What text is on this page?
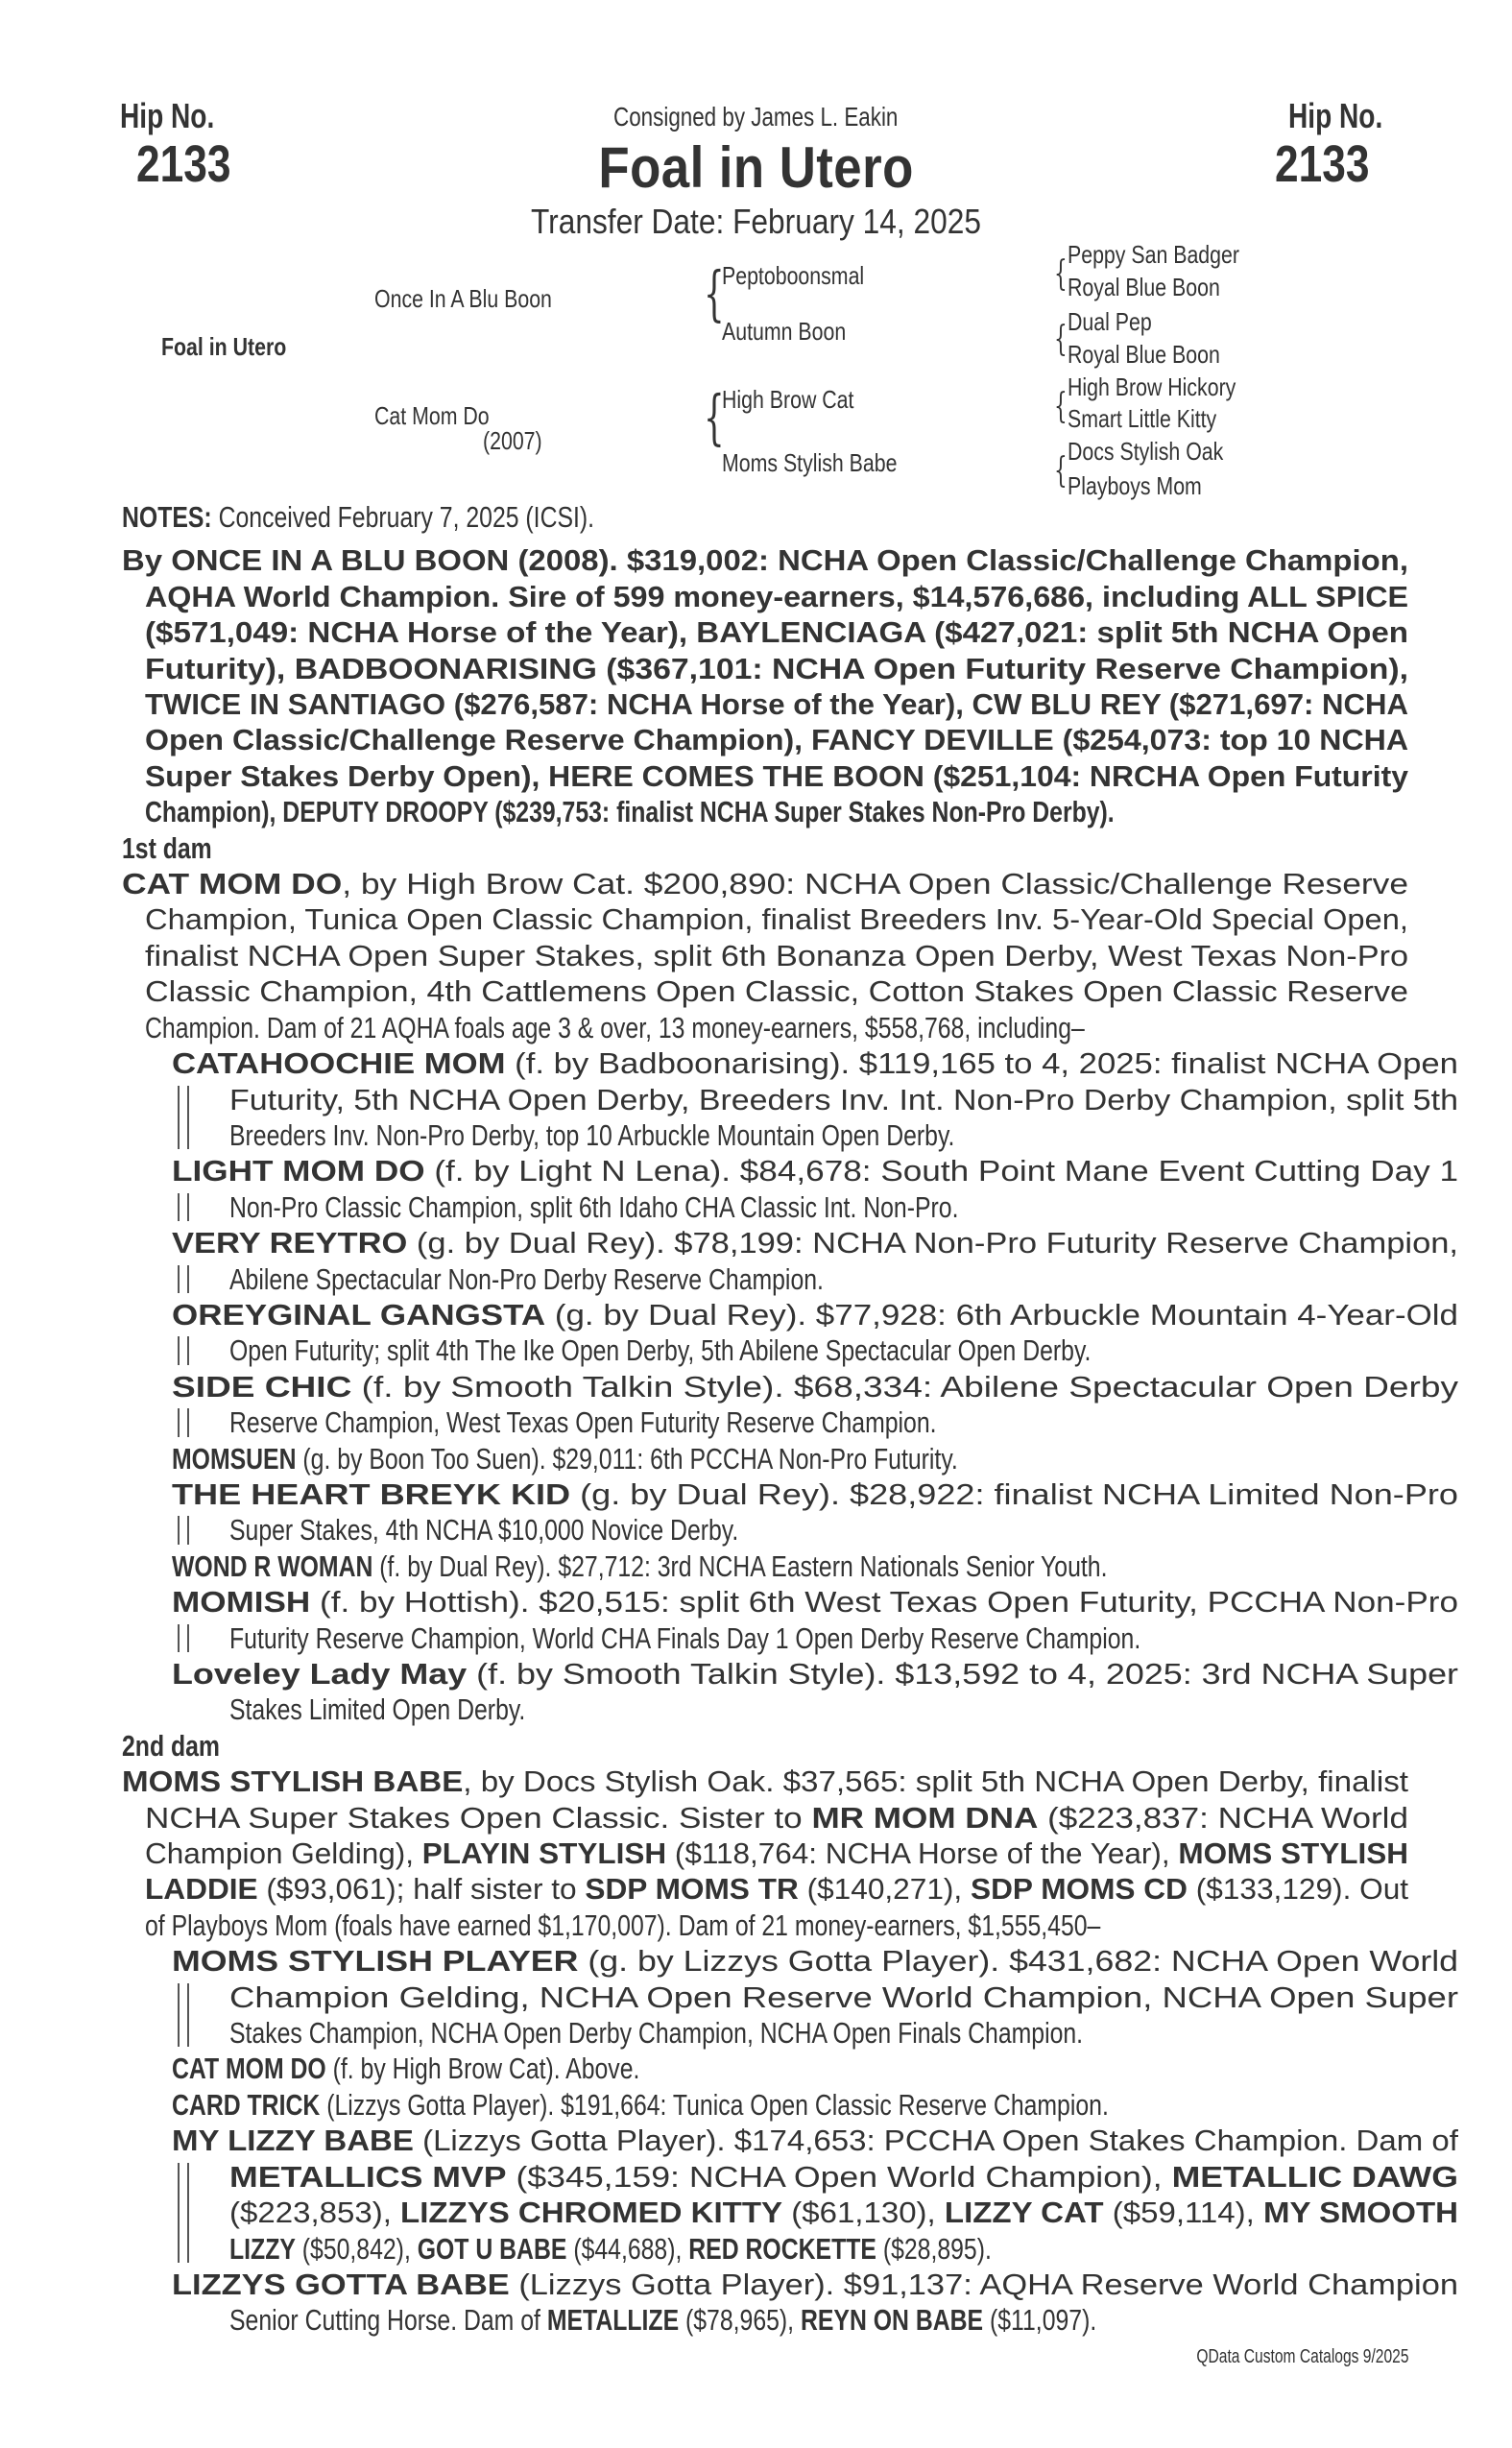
Hip No.
2133
Hip No.
2133
Consigned by James L. Eakin
Foal in Utero
Transfer Date: February 14, 2025
Foal in Utero
Once In A Blu Boon
Cat Mom Do
(2007)
{
Peptoboonsmal
Autumn Boon
{
High Brow Cat
Moms Stylish Babe
{ Peppy San Badger
Royal Blue Boon
{ Dual Pep
Royal Blue Boon
{ High Brow Hickory
Smart Little Kitty
{ Docs Stylish Oak
Playboys Mom

NOTES: Conceived February 7, 2025 (ICSI).

By ONCE IN A BLU BOON (2008). $319,002: NCHA Open Classic/Challenge Champion,
AQHA World Champion. Sire of 599 money-earners, $14,576,686, including ALL SPICE
($571,049: NCHA Horse of the Year), BAYLENCIAGA ($427,021: split 5th NCHA Open
Futurity), BADBOONARISING ($367,101: NCHA Open Futurity Reserve Champion),
TWICE IN SANTIAGO ($276,587: NCHA Horse of the Year), CW BLU REY ($271,697: NCHA
Open Classic/Challenge Reserve Champion), FANCY DEVILLE ($254,073: top 10 NCHA
Super Stakes Derby Open), HERE COMES THE BOON ($251,104: NRCHA Open Futurity
Champion), DEPUTY DROOPY ($239,753: finalist NCHA Super Stakes Non-Pro Derby).
1st dam
CAT MOM DO, by High Brow Cat. $200,890: NCHA Open Classic/Challenge Reserve
Champion, Tunica Open Classic Champion, finalist Breeders Inv. 5-Year-Old Special Open,
finalist NCHA Open Super Stakes, split 6th Bonanza Open Derby, West Texas Non-Pro
Classic Champion, 4th Cattlemens Open Classic, Cotton Stakes Open Classic Reserve
Champion. Dam of 21 AQHA foals age 3 & over, 13 money-earners, $558,768, including–
CATAHOOCHIE MOM (f. by Badboonarising). $119,165 to 4, 2025: finalist NCHA Open
Futurity, 5th NCHA Open Derby, Breeders Inv. Int. Non-Pro Derby Champion, split 5th
Breeders Inv. Non-Pro Derby, top 10 Arbuckle Mountain Open Derby.
LIGHT MOM DO (f. by Light N Lena). $84,678: South Point Mane Event Cutting Day 1
Non-Pro Classic Champion, split 6th Idaho CHA Classic Int. Non-Pro.
VERY REYTRO (g. by Dual Rey). $78,199: NCHA Non-Pro Futurity Reserve Champion,
Abilene Spectacular Non-Pro Derby Reserve Champion.
OREYGINAL GANGSTA (g. by Dual Rey). $77,928: 6th Arbuckle Mountain 4-Year-Old
Open Futurity; split 4th The Ike Open Derby, 5th Abilene Spectacular Open Derby.
SIDE CHIC (f. by Smooth Talkin Style). $68,334: Abilene Spectacular Open Derby
Reserve Champion, West Texas Open Futurity Reserve Champion.
MOMSUEN (g. by Boon Too Suen). $29,011: 6th PCCHA Non-Pro Futurity.
THE HEART BREYK KID (g. by Dual Rey). $28,922: finalist NCHA Limited Non-Pro
Super Stakes, 4th NCHA $10,000 Novice Derby.
WOND R WOMAN (f. by Dual Rey). $27,712: 3rd NCHA Eastern Nationals Senior Youth.
MOMISH (f. by Hottish). $20,515: split 6th West Texas Open Futurity, PCCHA Non-Pro
Futurity Reserve Champion, World CHA Finals Day 1 Open Derby Reserve Champion.
Loveley Lady May (f. by Smooth Talkin Style). $13,592 to 4, 2025: 3rd NCHA Super
Stakes Limited Open Derby.
2nd dam
MOMS STYLISH BABE, by Docs Stylish Oak. $37,565: split 5th NCHA Open Derby, finalist
NCHA Super Stakes Open Classic. Sister to MR MOM DNA ($223,837: NCHA World
Champion Gelding), PLAYIN STYLISH ($118,764: NCHA Horse of the Year), MOMS STYLISH
LADDIE ($93,061); half sister to SDP MOMS TR ($140,271), SDP MOMS CD ($133,129). Out
of Playboys Mom (foals have earned $1,170,007). Dam of 21 money-earners, $1,555,450–
MOMS STYLISH PLAYER (g. by Lizzys Gotta Player). $431,682: NCHA Open World
Champion Gelding, NCHA Open Reserve World Champion, NCHA Open Super
Stakes Champion, NCHA Open Derby Champion, NCHA Open Finals Champion.
CAT MOM DO (f. by High Brow Cat). Above.
CARD TRICK (Lizzys Gotta Player). $191,664: Tunica Open Classic Reserve Champion.
MY LIZZY BABE (Lizzys Gotta Player). $174,653: PCCHA Open Stakes Champion. Dam of
METALLICS MVP ($345,159: NCHA Open World Champion), METALLIC DAWG
($223,853), LIZZYS CHROMED KITTY ($61,130), LIZZY CAT ($59,114), MY SMOOTH
LIZZY ($50,842), GOT U BABE ($44,688), RED ROCKETTE ($28,895).
LIZZYS GOTTA BABE (Lizzys Gotta Player). $91,137: AQHA Reserve World Champion
Senior Cutting Horse. Dam of METALLIZE ($78,965), REYN ON BABE ($11,097).
QData Custom Catalogs 9/2025
